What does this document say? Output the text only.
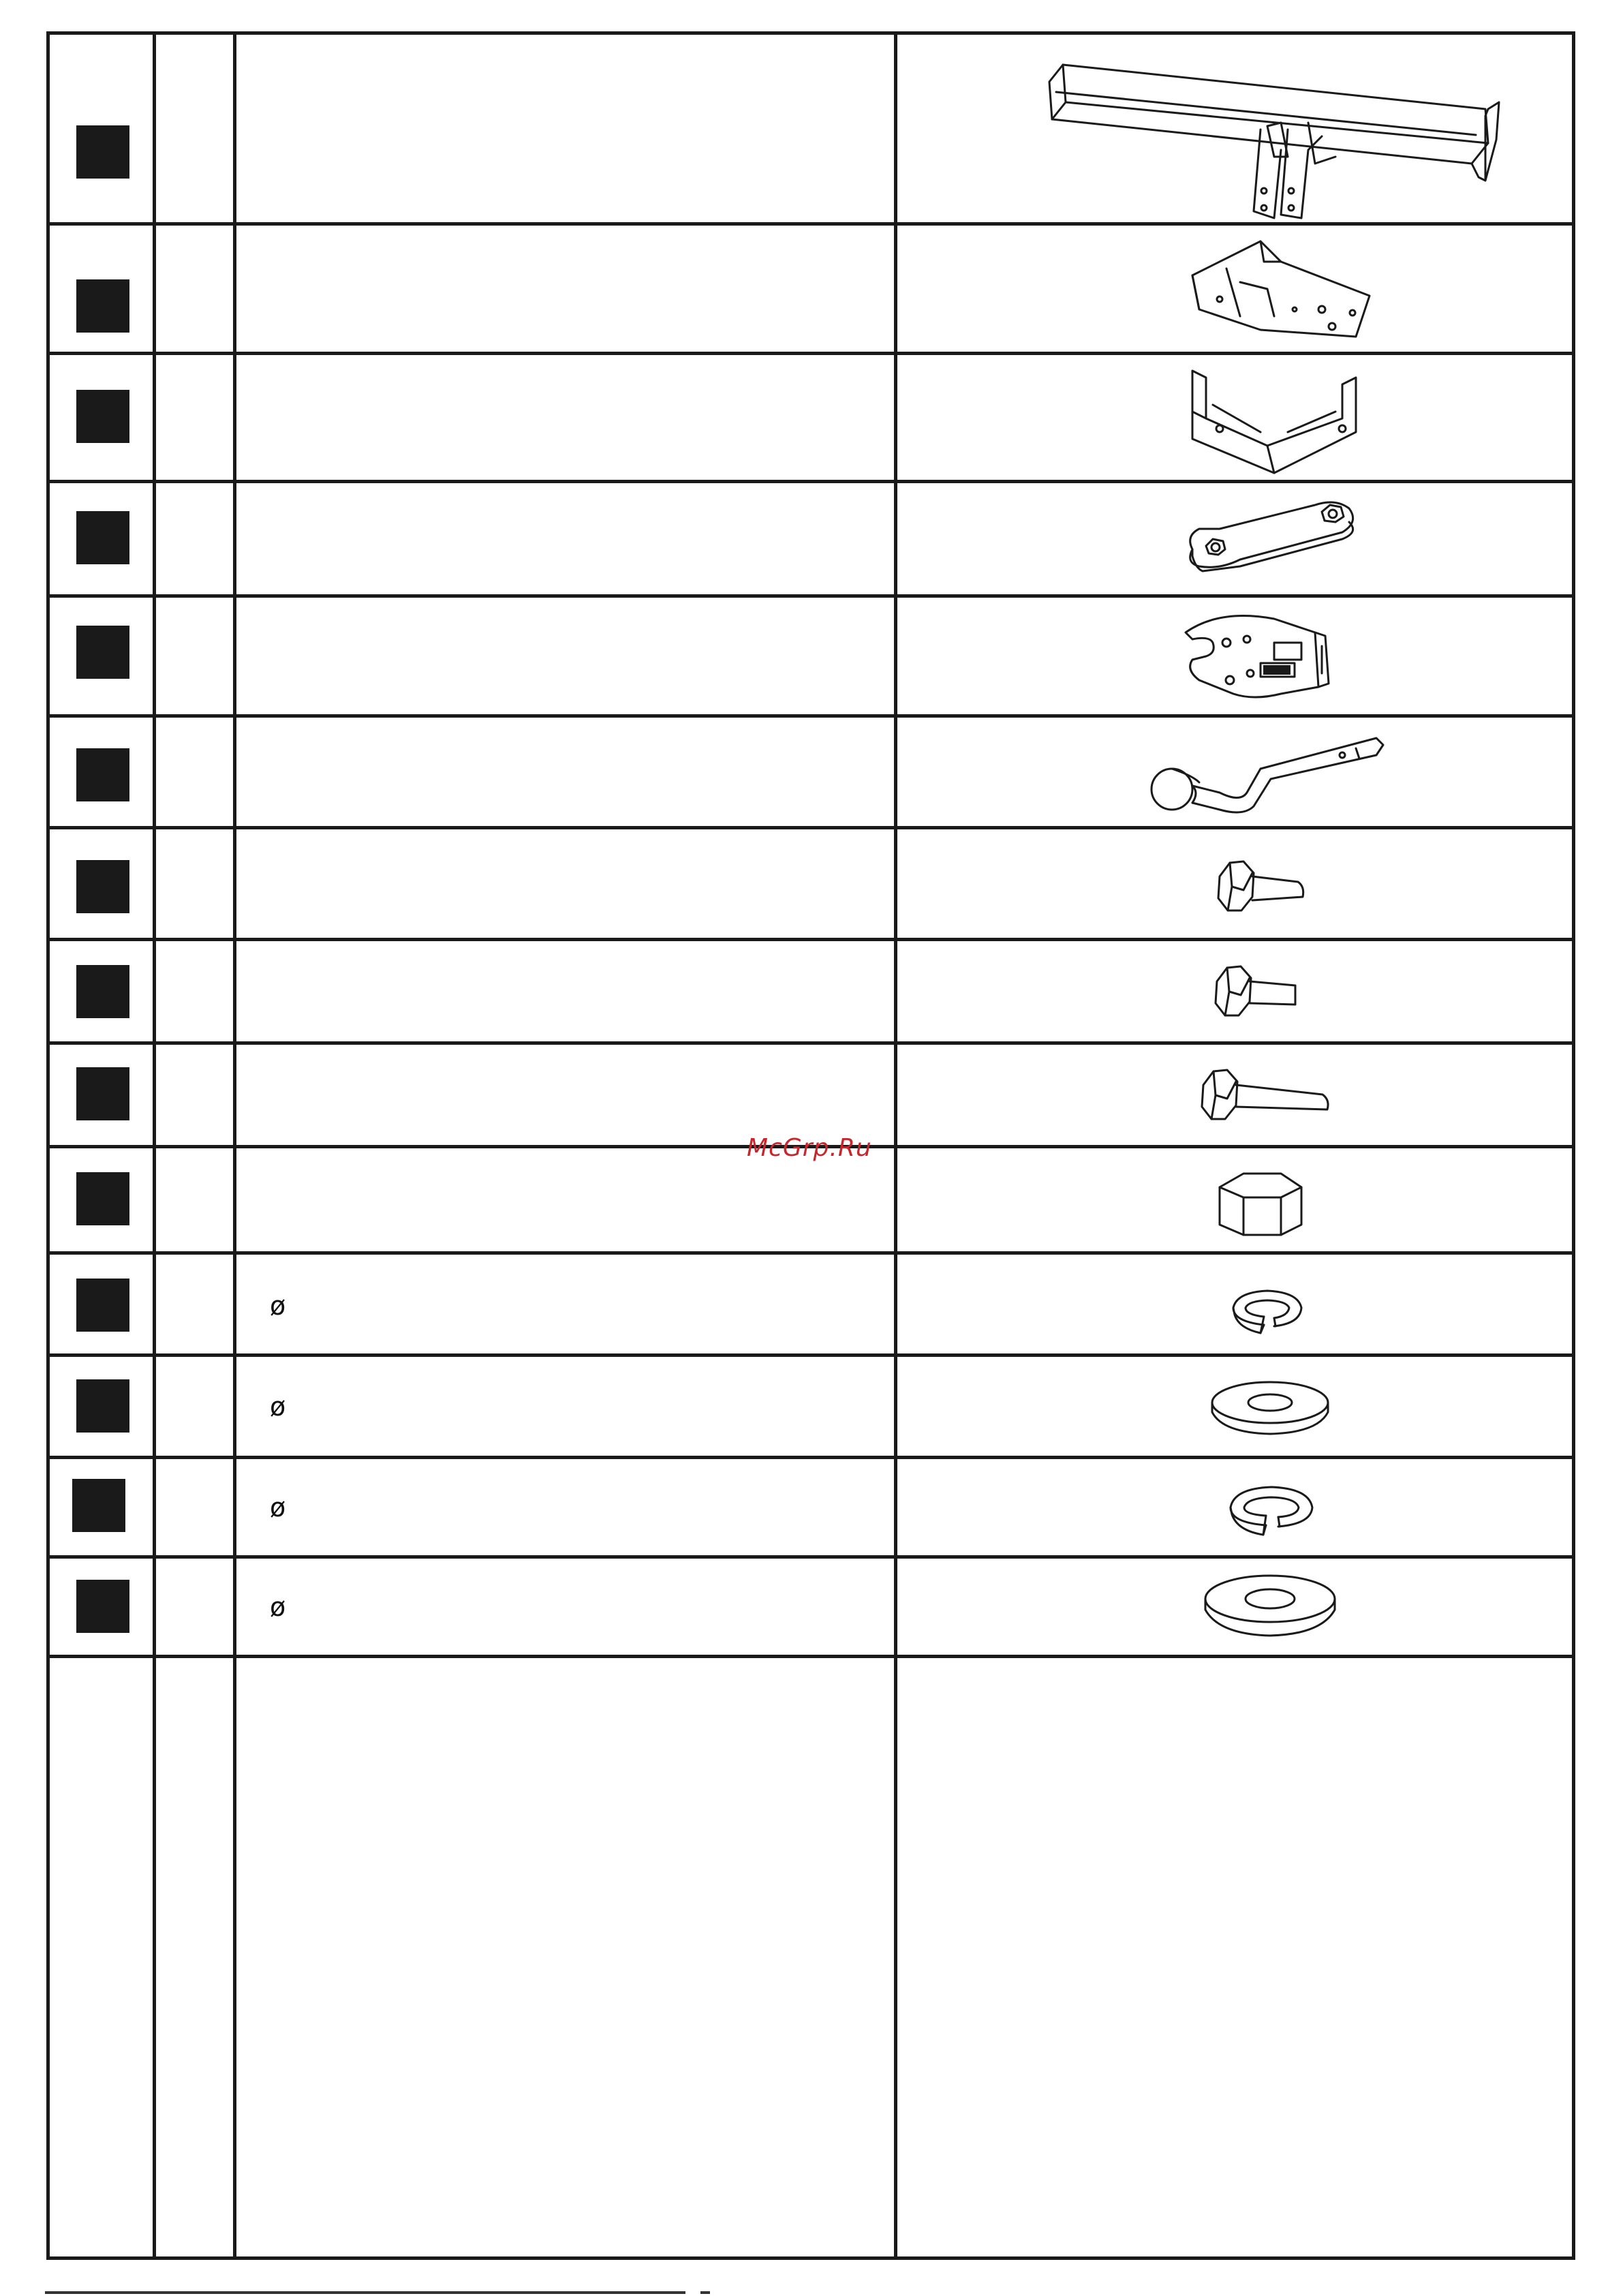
ø
ø
ø
ø
McGrp.Ru
